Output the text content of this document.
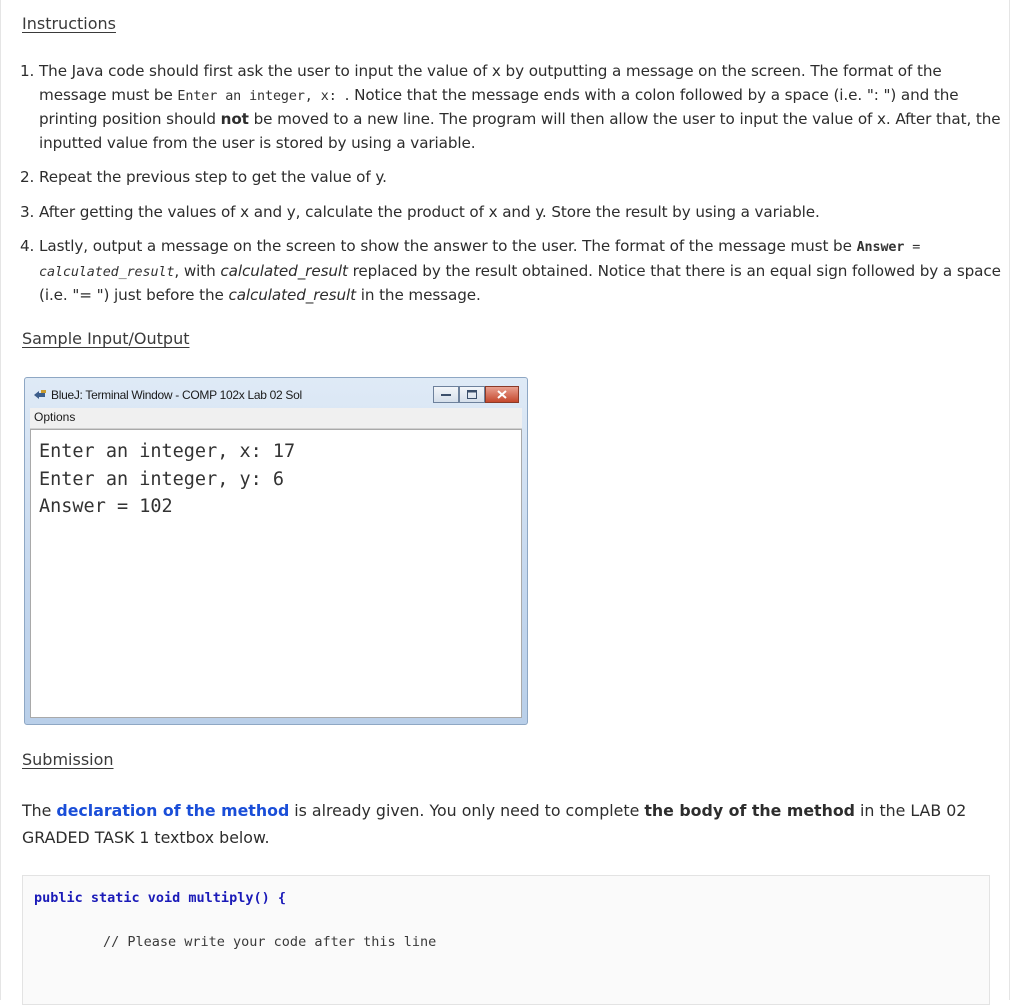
Instructions
1. The Java code should first ask the user to input the value of x by outputting a message on the screen. The format of the message must be Enter an integer, x: . Notice that the message ends with a colon followed by a space (i.e. ": ") and the printing position should not be moved to a new line. The program will then allow the user to input the value of x. After that, the inputted value from the user is stored by using a variable.
2. Repeat the previous step to get the value of y.
3. After getting the values of x and y, calculate the product of x and y. Store the result by using a variable.
4. Lastly, output a message on the screen to show the answer to the user. The format of the message must be Answer = calculated_result, with calculated_result replaced by the result obtained. Notice that there is an equal sign followed by a space (i.e. "= ") just before the calculated_result in the message.
Sample Input/Output
Submission
The declaration of the method is already given. You only need to complete the body of the method in the LAB 02 GRADED TASK 1 textbox below.
BlueJ: Terminal Window - COMP 102x Lab 02 Sol
Options
Enter an integer, x: 17
Enter an integer, y: 6
Answer = 102
public static void multiply() {
// Please write your code after this line
